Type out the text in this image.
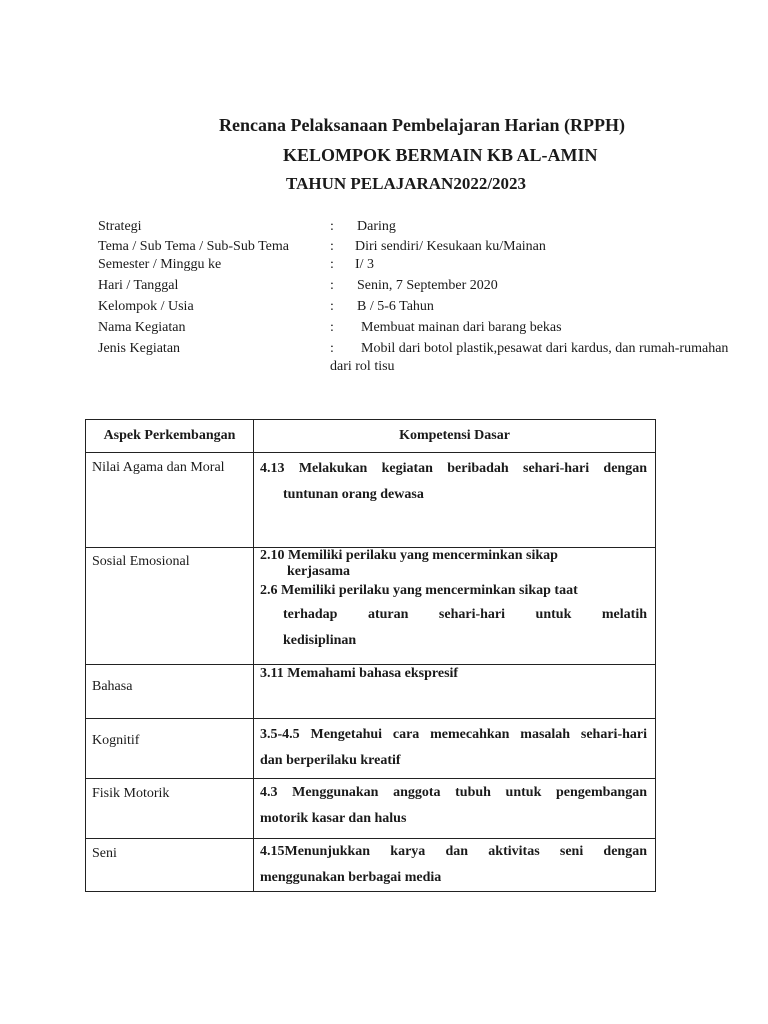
Rencana Pelaksanaan Pembelajaran Harian (RPPH)
KELOMPOK BERMAIN KB AL-AMIN
TAHUN PELAJARAN2022/2023
Strategi	: Daring
Tema / Sub Tema / Sub-Sub Tema	: Diri sendiri/ Kesukaan ku/Mainan
Semester / Minggu ke	: I/ 3
Hari / Tanggal	: Senin, 7 September 2020
Kelompok / Usia	: B / 5-6 Tahun
Nama Kegiatan	: Membuat mainan dari barang bekas
Jenis Kegiatan	: Mobil dari botol plastik,pesawat dari kardus, dan rumah-rumahan
dari rol tisu
Aspek Perkembangan	Kompetensi Dasar
Nilai Agama dan Moral	4.13 Melakukan kegiatan beribadah sehari-hari dengan
tuntunan orang dewasa

Sosial Emosional	2.10 Memiliki perilaku yang mencerminkan sikap
kerjasama
2.6 Memiliki perilaku yang mencerminkan sikap taat
terhadap aturan sehari-hari untuk melatih
kedisiplinan

Bahasa	3.11 Memahami bahasa ekspresif

Kognitif	3.5-4.5 Mengetahui cara memecahkan masalah sehari-hari
dan berperilaku kreatif

Fisik Motorik	4.3 Menggunakan anggota tubuh untuk pengembangan
motorik kasar dan halus

Seni	4.15Menunjukkan karya dan aktivitas seni dengan
menggunakan berbagai media
